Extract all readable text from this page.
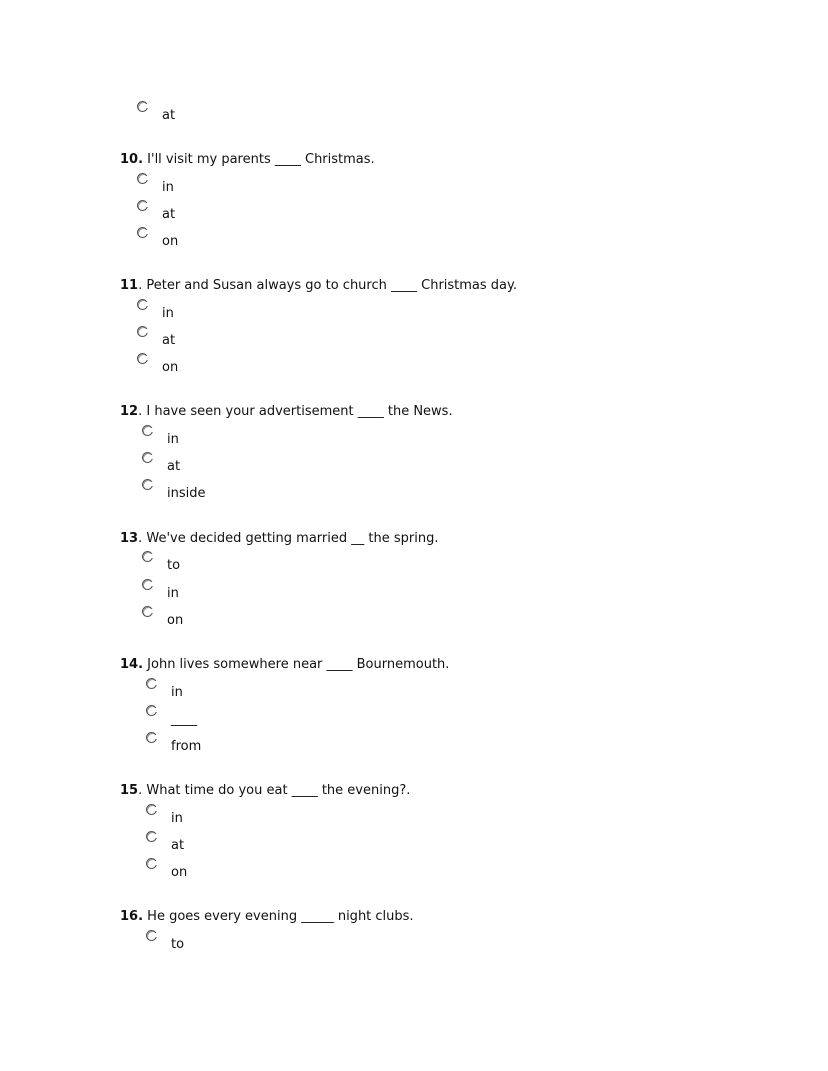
at
10. I'll visit my parents ____ Christmas.
in
at
on
11. Peter and Susan always go to church ____ Christmas day.
in
at
on
12. I have seen your advertisement ____ the News.
in
at
inside
13. We've decided getting married __ the spring.
to
in
on
14. John lives somewhere near ____ Bournemouth.
in
____
from
15. What time do you eat ____ the evening?.
in
at
on
16. He goes every evening _____ night clubs.
to
